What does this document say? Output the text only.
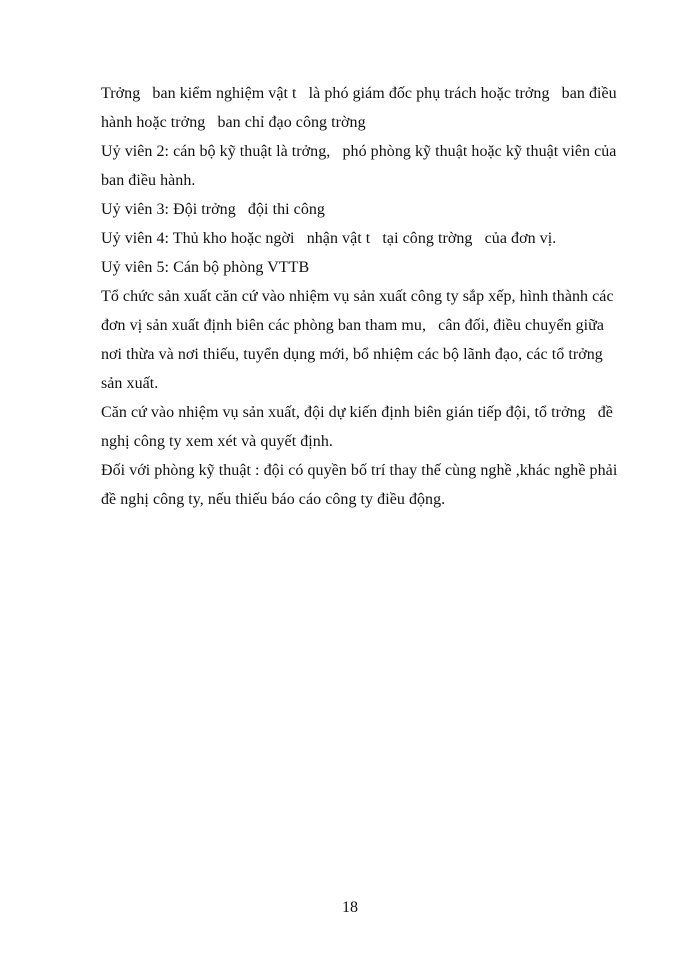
Trởng   ban kiểm nghiệm vật t   là phó giám đốc phụ trách hoặc trởng   ban điều
hành hoặc trởng   ban chỉ đạo công trờng
Uỷ viên 2: cán bộ kỹ thuật là trởng,   phó phòng kỹ thuật hoặc kỹ thuật viên của
ban điều hành.
Uỷ viên 3: Đội trởng   đội thi công
Uỷ viên 4: Thủ kho hoặc ngời   nhận vật t   tại công trờng   của đơn vị.
Uỷ viên 5: Cán bộ phòng VTTB
Tổ chức sản xuất căn cứ vào nhiệm vụ sản xuất công ty sắp xếp, hình thành các
đơn vị sản xuất định biên các phòng ban tham mu,   cân đối, điều chuyển giữa
nơi thừa và nơi thiếu, tuyển dụng mới, bổ nhiệm các bộ lãnh đạo, các tổ trởng
sản xuất.
Căn cứ vào nhiệm vụ sản xuất, đội dự kiến định biên gián tiếp đội, tổ trởng   đề
nghị công ty xem xét và quyết định.
Đối với phòng kỹ thuật : đội có quyền bố trí thay thế cùng nghề ,khác nghề phải
đề nghị công ty, nếu thiếu báo cáo công ty điều động.
18
